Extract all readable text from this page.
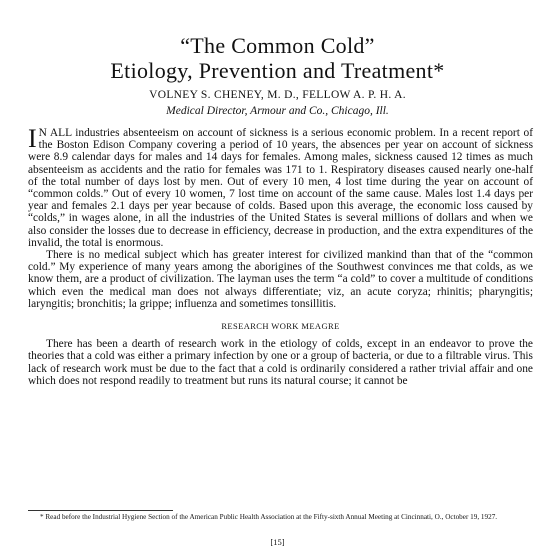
“The Common Cold”
Etiology, Prevention and Treatment*
VOLNEY S. CHENEY, M. D., FELLOW A. P. H. A.
Medical Director, Armour and Co., Chicago, Ill.

I N ALL industries absenteeism on account of sickness is a serious economic problem. In a recent report of the Boston Edison Company covering a period of 10 years, the absences per year on account of sickness were 8.9 calendar days for males and 14 days for females. Among males, sickness caused 12 times as much absenteeism as accidents and the ratio for females was 171 to 1. Respiratory diseases caused nearly one-half of the total number of days lost by men. Out of every 10 men, 4 lost time during the year on account of “common colds.” Out of every 10 women, 7 lost time on account of the same cause. Males lost 1.4 days per year and females 2.1 days per year because of colds. Based upon this average, the economic loss caused by “colds,” in wages alone, in all the industries of the United States is several millions of dollars and when we also consider the losses due to decrease in efficiency, decrease in production, and the extra expenditures of the invalid, the total is enormous.

There is no medical subject which has greater interest for civilized mankind than that of the “common cold.” My experience of many years among the aborigines of the Southwest convinces me that colds, as we know them, are a product of civilization. The layman uses the term “a cold” to cover a multitude of conditions which even the medical man does not always differentiate; viz, an acute coryza; rhinitis; pharyngitis; laryngitis; bronchitis; la grippe; influenza and sometimes tonsillitis.

RESEARCH WORK MEAGRE

There has been a dearth of research work in the etiology of colds, except in an endeavor to prove the theories that a cold was either a primary infection by one or a group of bacteria, or due to a filtrable virus. This lack of research work must be due to the fact that a cold is ordinarily considered a rather trivial affair and one which does not respond readily to treatment but runs its natural course; it cannot be

* Read before the Industrial Hygiene Section of the American Public Health Association at the Fifty-sixth Annual Meeting at Cincinnati, O., October 19, 1927.
[15]
